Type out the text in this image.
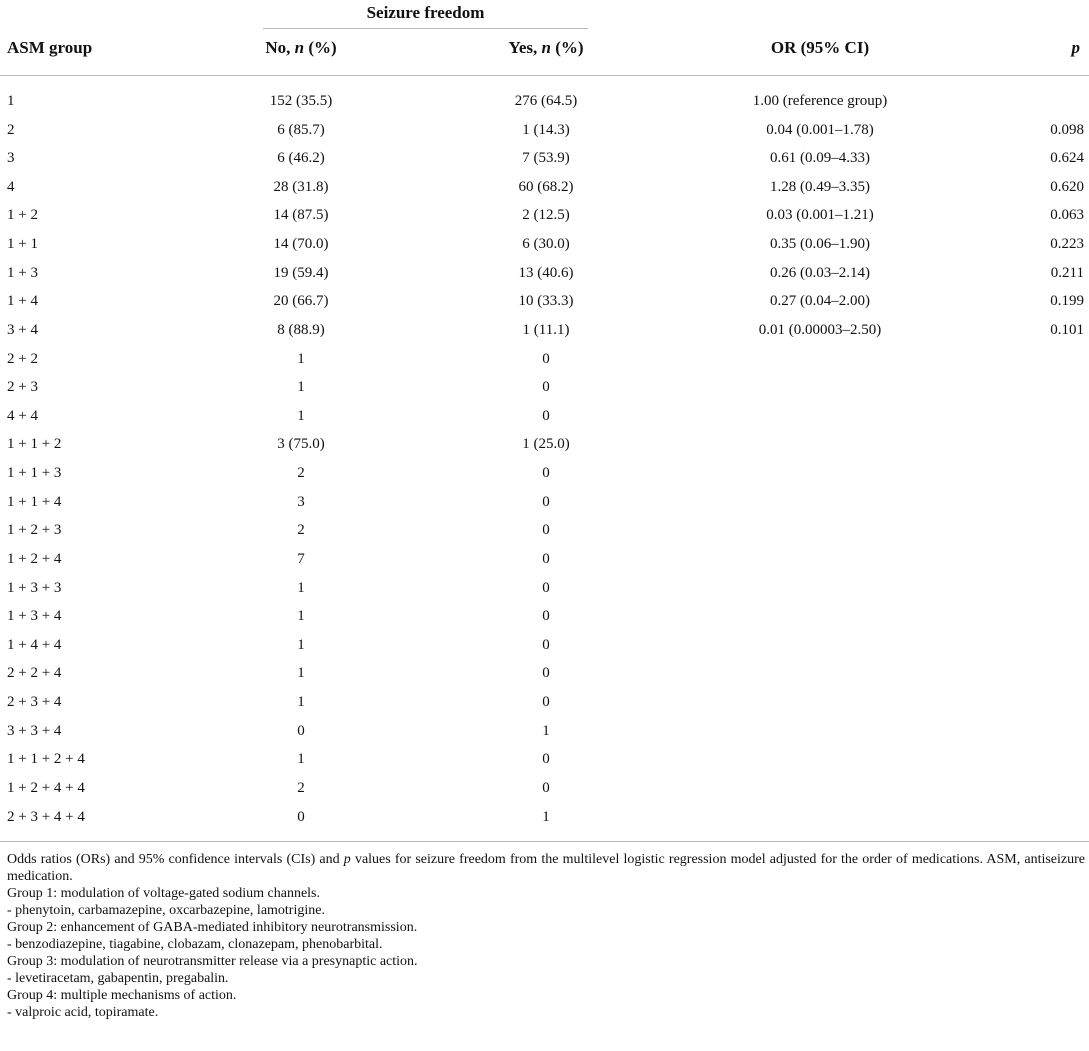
Seizure freedom
ASM group	No, n (%)	Yes, n (%)	OR (95% CI)	p
1	152 (35.5)	276 (64.5)	1.00 (reference group)
2	6 (85.7)	1 (14.3)	0.04 (0.001–1.78)	0.098
3	6 (46.2)	7 (53.9)	0.61 (0.09–4.33)	0.624
4	28 (31.8)	60 (68.2)	1.28 (0.49–3.35)	0.620
1 + 2	14 (87.5)	2 (12.5)	0.03 (0.001–1.21)	0.063
1 + 1	14 (70.0)	6 (30.0)	0.35 (0.06–1.90)	0.223
1 + 3	19 (59.4)	13 (40.6)	0.26 (0.03–2.14)	0.211
1 + 4	20 (66.7)	10 (33.3)	0.27 (0.04–2.00)	0.199
3 + 4	8 (88.9)	1 (11.1)	0.01 (0.00003–2.50)	0.101
2 + 2	1	0
2 + 3	1	0
4 + 4	1	0
1 + 1 + 2	3 (75.0)	1 (25.0)
1 + 1 + 3	2	0
1 + 1 + 4	3	0
1 + 2 + 3	2	0
1 + 2 + 4	7	0
1 + 3 + 3	1	0
1 + 3 + 4	1	0
1 + 4 + 4	1	0
2 + 2 + 4	1	0
2 + 3 + 4	1	0
3 + 3 + 4	0	1
1 + 1 + 2 + 4	1	0
1 + 2 + 4 + 4	2	0
2 + 3 + 4 + 4	0	1

Odds ratios (ORs) and 95% confidence intervals (CIs) and p values for seizure freedom from the multilevel logistic regression model adjusted for the order of medications. ASM, antiseizure medication.

Group 1: modulation of voltage-gated sodium channels.

- phenytoin, carbamazepine, oxcarbazepine, lamotrigine.

Group 2: enhancement of GABA-mediated inhibitory neurotransmission.

- benzodiazepine, tiagabine, clobazam, clonazepam, phenobarbital.

Group 3: modulation of neurotransmitter release via a presynaptic action.

- levetiracetam, gabapentin, pregabalin.

Group 4: multiple mechanisms of action.

- valproic acid, topiramate.
